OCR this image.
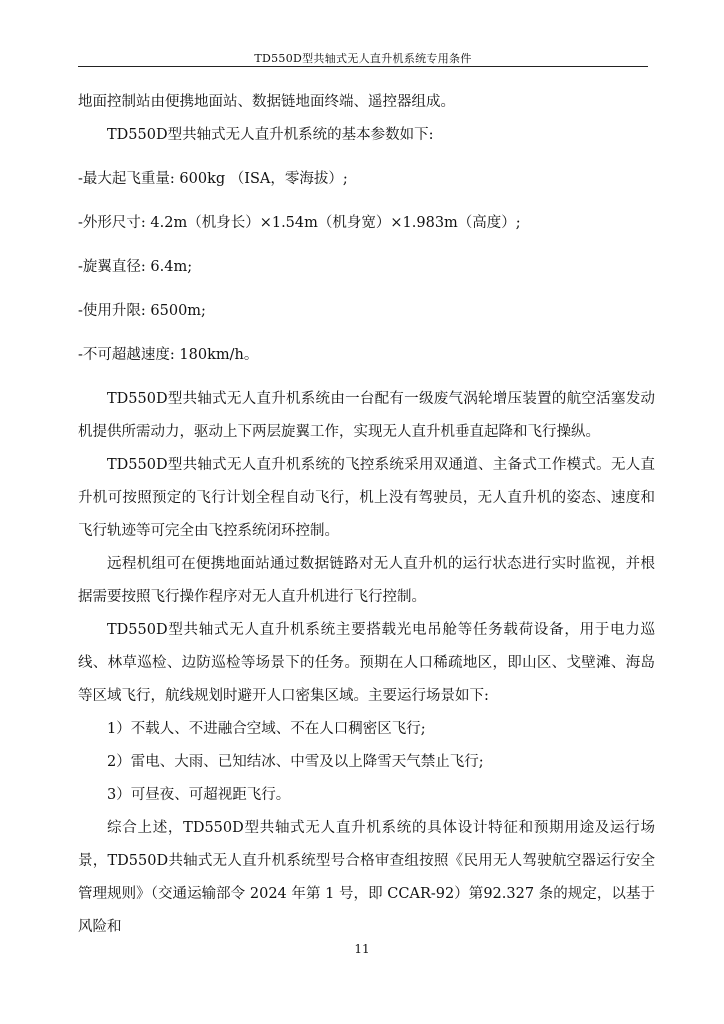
TD550D型共轴式无人直升机系统专用条件

地面控制站由便携地面站、数据链地面终端、遥控器组成。

TD550D型共轴式无人直升机系统的基本参数如下:

-最大起飞重量: 600kg （ISA，零海拔）;

-外形尺寸: 4.2m（机身长）×1.54m（机身宽）×1.983m（高度）;

-旋翼直径: 6.4m;

-使用升限: 6500m;

-不可超越速度: 180km/h。

TD550D型共轴式无人直升机系统由一台配有一级废气涡轮增压装置的航空活塞发动机提供所需动力，驱动上下两层旋翼工作，实现无人直升机垂直起降和飞行操纵。

TD550D型共轴式无人直升机系统的飞控系统采用双通道、主备式工作模式。无人直升机可按照预定的飞行计划全程自动飞行，机上没有驾驶员，无人直升机的姿态、速度和飞行轨迹等可完全由飞控系统闭环控制。

远程机组可在便携地面站通过数据链路对无人直升机的运行状态进行实时监视，并根据需要按照飞行操作程序对无人直升机进行飞行控制。

TD550D型共轴式无人直升机系统主要搭载光电吊舱等任务载荷设备，用于电力巡线、林草巡检、边防巡检等场景下的任务。预期在人口稀疏地区，即山区、戈壁滩、海岛等区域飞行，航线规划时避开人口密集区域。主要运行场景如下:

1）不载人、不进融合空域、不在人口稠密区飞行;

2）雷电、大雨、已知结冰、中雪及以上降雪天气禁止飞行;

3）可昼夜、可超视距飞行。

综合上述，TD550D型共轴式无人直升机系统的具体设计特征和预期用途及运行场景，TD550D共轴式无人直升机系统型号合格审查组按照《民用无人驾驶航空器运行安全管理规则》（交通运输部令 2024 年第 1 号，即 CCAR-92）第92.327 条的规定，以基于风险和

11
